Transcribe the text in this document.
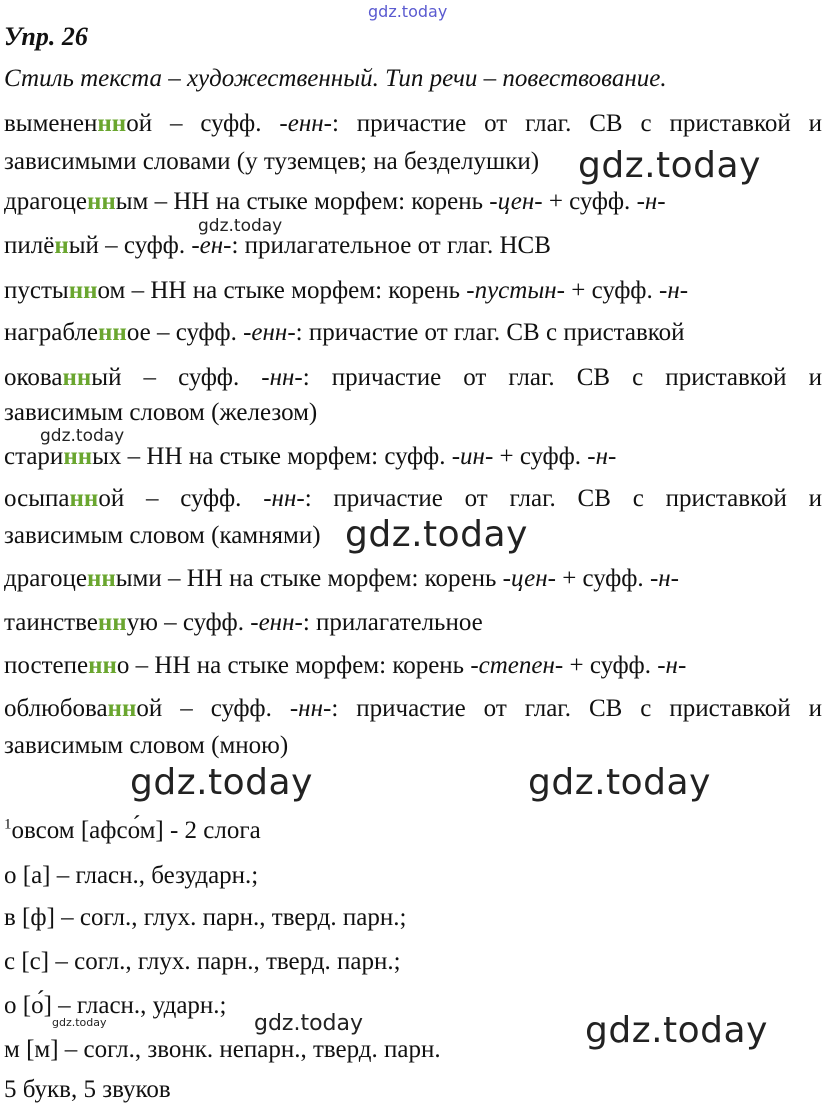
gdz.today
gdz.today
gdz.today
gdz.today
gdz.today
gdz.today	gdz.today
gdz.today	gdz.today
gdz.today
Упр. 26
Стиль текста – художественный. Тип речи – повествование.
вымененнной – суфф. -енн-: причастие от глаг. СВ с приставкой и
зависимыми словами (у туземцев; на безделушки)
драгоценным – НН на стыке морфем: корень -цен- + суфф. -н-
пилёный – суфф. -ен-: прилагательное от глаг. НСВ
пустынном – НН на стыке морфем: корень -пустын- + суфф. -н-
награбленное – суфф. -енн-: причастие от глаг. СВ с приставкой
окованный – суфф. -нн-: причастие от глаг. СВ с приставкой и
зависимым словом (железом)
старинных – НН на стыке морфем: суфф. -ин- + суфф. -н-
осыпанной – суфф. -нн-: причастие от глаг. СВ с приставкой и
зависимым словом (камнями)
драгоценными – НН на стыке морфем: корень -цен- + суфф. -н-
таинственную – суфф. -енн-: прилагательное
постепенно – НН на стыке морфем: корень -степен- + суфф. -н-
облюбованной – суфф. -нн-: причастие от глаг. СВ с приставкой и
зависимым словом (мною)
$^1$овсом [афсо́м] - 2 слога
о [а] – гласн., безударн.;
в [ф] – согл., глух. парн., тверд. парн.;
с [с] – согл., глух. парн., тверд. парн.;
о [о́] – гласн., ударн.;
м [м] – согл., звонк. непарн., тверд. парн.
5 букв, 5 звуков
